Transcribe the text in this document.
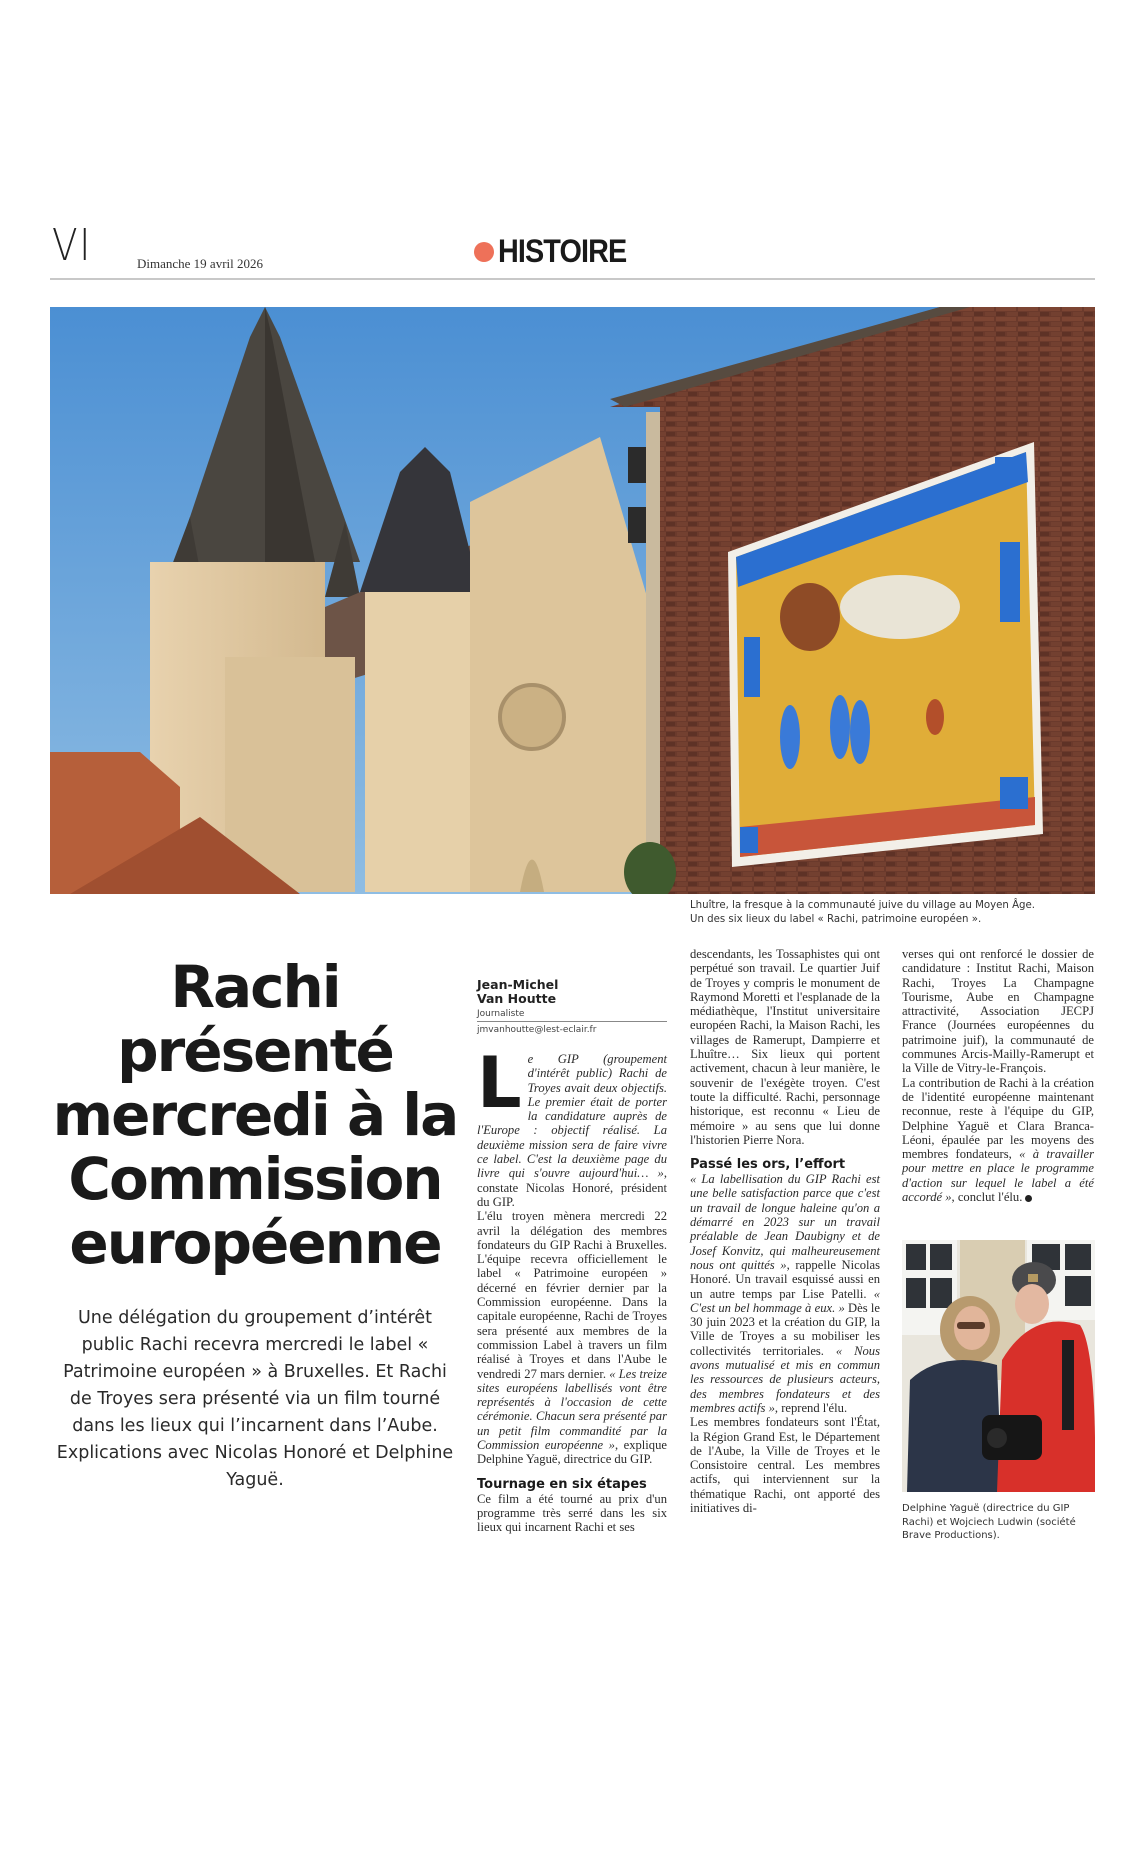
VI	Dimanche 19 avril 2026	HISTOIRE
Lhuître, la fresque à la communauté juive du village au Moyen Âge.
Un des six lieux du label « Rachi, patrimoine européen ».
Rachi
présenté
mercredi à la
Commission
européenne
Une délégation du groupement d’intérêt public Rachi recevra mercredi le label « Patrimoine européen » à Bruxelles. Et Rachi de Troyes sera présenté via un film tourné dans les lieux qui l’incarnent dans l’Aube. Explications avec Nicolas Honoré et Delphine Yaguë.
Jean-Michel
Van Houtte
Journaliste
jmvanhoutte@lest-eclair.fr

Le GIP (groupement d'intérêt public) Rachi de Troyes avait deux objectifs. Le premier était de porter la candidature auprès de l'Europe : objectif réalisé. La deuxième mission sera de faire vivre ce label. C'est la deuxième page du livre qui s'ouvre aujourd'hui… », constate Nicolas Honoré, président du GIP.

L'élu troyen mènera mercredi 22 avril la délégation des membres fondateurs du GIP Rachi à Bruxelles. L'équipe recevra officiellement le label « Patrimoine européen » décerné en février dernier par la Commission européenne. Dans la capitale européenne, Rachi de Troyes sera présenté aux membres de la commission Label à travers un film réalisé à Troyes et dans l'Aube le vendredi 27 mars dernier. « Les treize sites européens labellisés vont être représentés à l'occasion de cette cérémonie. Chacun sera présenté par un petit film commandité par la Commission européenne », explique Delphine Yaguë, directrice du GIP.

Tournage en six étapes

Ce film a été tourné au prix d'un programme très serré dans les six lieux qui incarnent Rachi et ses

descendants, les Tossaphistes qui ont perpétué son travail. Le quartier Juif de Troyes y compris le monument de Raymond Moretti et l'esplanade de la médiathèque, l'Institut universitaire européen Rachi, la Maison Rachi, les villages de Ramerupt, Dampierre et Lhuître… Six lieux qui portent activement, chacun à leur manière, le souvenir de l'exégète troyen. C'est toute la difficulté. Rachi, personnage historique, est reconnu « Lieu de mémoire » au sens que lui donne l'historien Pierre Nora.

Passé les ors, l’effort

« La labellisation du GIP Rachi est une belle satisfaction parce que c'est un travail de longue haleine qu'on a démarré en 2023 sur un travail préalable de Jean Daubigny et de Josef Konvitz, qui malheureusement nous ont quittés », rappelle Nicolas Honoré. Un travail esquissé aussi en un autre temps par Lise Patelli. « C'est un bel hommage à eux. » Dès le 30 juin 2023 et la création du GIP, la Ville de Troyes a su mobiliser les collectivités territoriales. « Nous avons mutualisé et mis en commun les ressources de plusieurs acteurs, des membres fondateurs et des membres actifs », reprend l'élu.

Les membres fondateurs sont l'État, la Région Grand Est, le Département de l'Aube, la Ville de Troyes et le Consistoire central. Les membres actifs, qui interviennent sur la thématique Rachi, ont apporté des initiatives di-

verses qui ont renforcé le dossier de candidature : Institut Rachi, Maison Rachi, Troyes La Champagne Tourisme, Aube en Champagne attractivité, Association JECPJ France (Journées européennes du patrimoine juif), la communauté de communes Arcis-Mailly-Ramerupt et la Ville de Vitry-le-François.

La contribution de Rachi à la création de l'identité européenne maintenant reconnue, reste à l'équipe du GIP, Delphine Yaguë et Clara Branca-Léoni, épaulée par les moyens des membres fondateurs, « à travailler pour mettre en place le programme d'action sur lequel le label a été accordé », conclut l'élu.

Delphine Yaguë (directrice du GIP Rachi) et Wojciech Ludwin (société Brave Productions).
